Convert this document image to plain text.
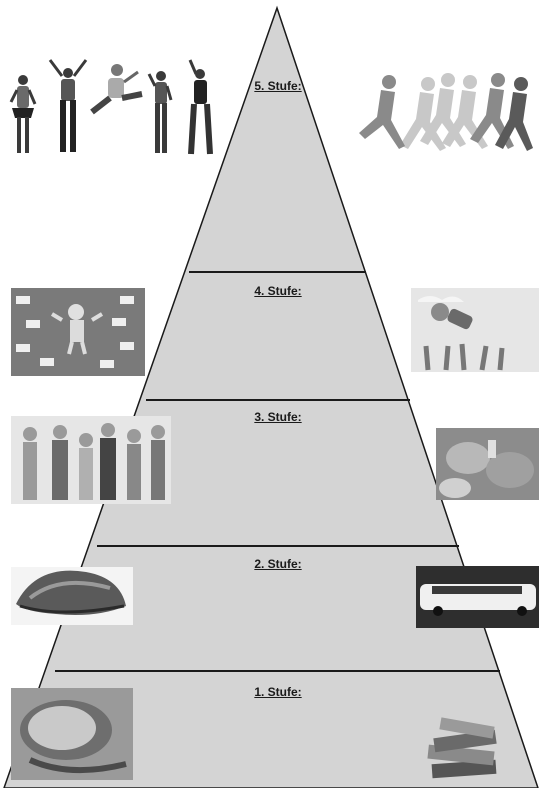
5. Stufe:
4. Stufe:
3. Stufe:
2. Stufe:
1. Stufe:
